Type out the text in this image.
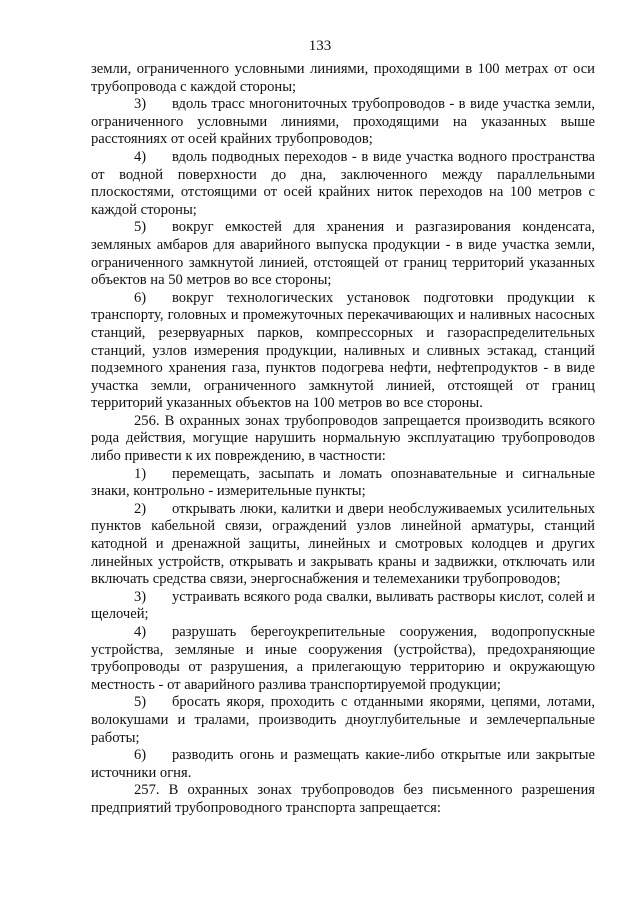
133

земли, ограниченного условными линиями, проходящими в 100 метрах от оси трубопровода с каждой стороны;

3) вдоль трасс многониточных трубопроводов - в виде участка земли, ограниченного условными линиями, проходящими на указанных выше расстояниях от осей крайних трубопроводов;

4) вдоль подводных переходов - в виде участка водного пространства от водной поверхности до дна, заключенного между параллельными плоскостями, отстоящими от осей крайних ниток переходов на 100 метров с каждой стороны;

5) вокруг емкостей для хранения и разгазирования конденсата, земляных амбаров для аварийного выпуска продукции - в виде участка земли, ограниченного замкнутой линией, отстоящей от границ территорий указанных объектов на 50 метров во все стороны;

6) вокруг технологических установок подготовки продукции к транспорту, головных и промежуточных перекачивающих и наливных насосных станций, резервуарных парков, компрессорных и газораспределительных станций, узлов измерения продукции, наливных и сливных эстакад, станций подземного хранения газа, пунктов подогрева нефти, нефтепродуктов - в виде участка земли, ограниченного замкнутой линией, отстоящей от границ территорий указанных объектов на 100 метров во все стороны.

256. В охранных зонах трубопроводов запрещается производить всякого рода действия, могущие нарушить нормальную эксплуатацию трубопроводов либо привести к их повреждению, в частности:

1) перемещать, засыпать и ломать опознавательные и сигнальные знаки, контрольно - измерительные пункты;

2) открывать люки, калитки и двери необслуживаемых усилительных пунктов кабельной связи, ограждений узлов линейной арматуры, станций катодной и дренажной защиты, линейных и смотровых колодцев и других линейных устройств, открывать и закрывать краны и задвижки, отключать или включать средства связи, энергоснабжения и телемеханики трубопроводов;

3) устраивать всякого рода свалки, выливать растворы кислот, солей и щелочей;

4) разрушать берегоукрепительные сооружения, водопропускные устройства, земляные и иные сооружения (устройства), предохраняющие трубопроводы от разрушения, а прилегающую территорию и окружающую местность - от аварийного разлива транспортируемой продукции;

5) бросать якоря, проходить с отданными якорями, цепями, лотами, волокушами и тралами, производить дноуглубительные и землечерпальные работы;

6) разводить огонь и размещать какие-либо открытые или закрытые источники огня.

257. В охранных зонах трубопроводов без письменного разрешения предприятий трубопроводного транспорта запрещается:
